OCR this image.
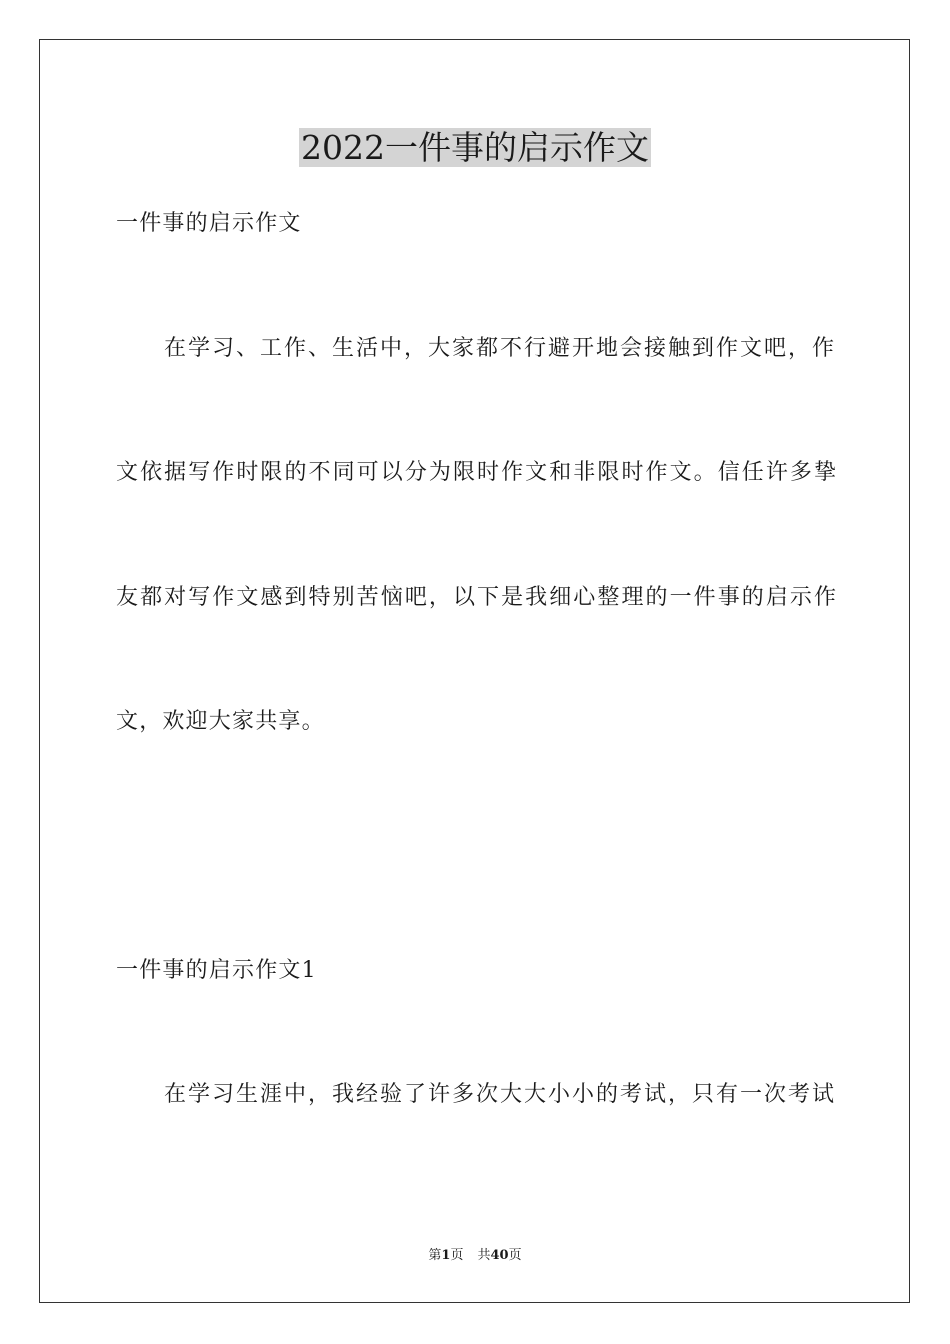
2022一件事的启示作文

一件事的启示作文

在学习、工作、生活中，大家都不行避开地会接触到作文吧，作

文依据写作时限的不同可以分为限时作文和非限时作文。信任许多挚

友都对写作文感到特别苦恼吧，以下是我细心整理的一件事的启示作

文，欢迎大家共享。

一件事的启示作文1

在学习生涯中，我经验了许多次大大小小的考试，只有一次考试

第1页 共40页
